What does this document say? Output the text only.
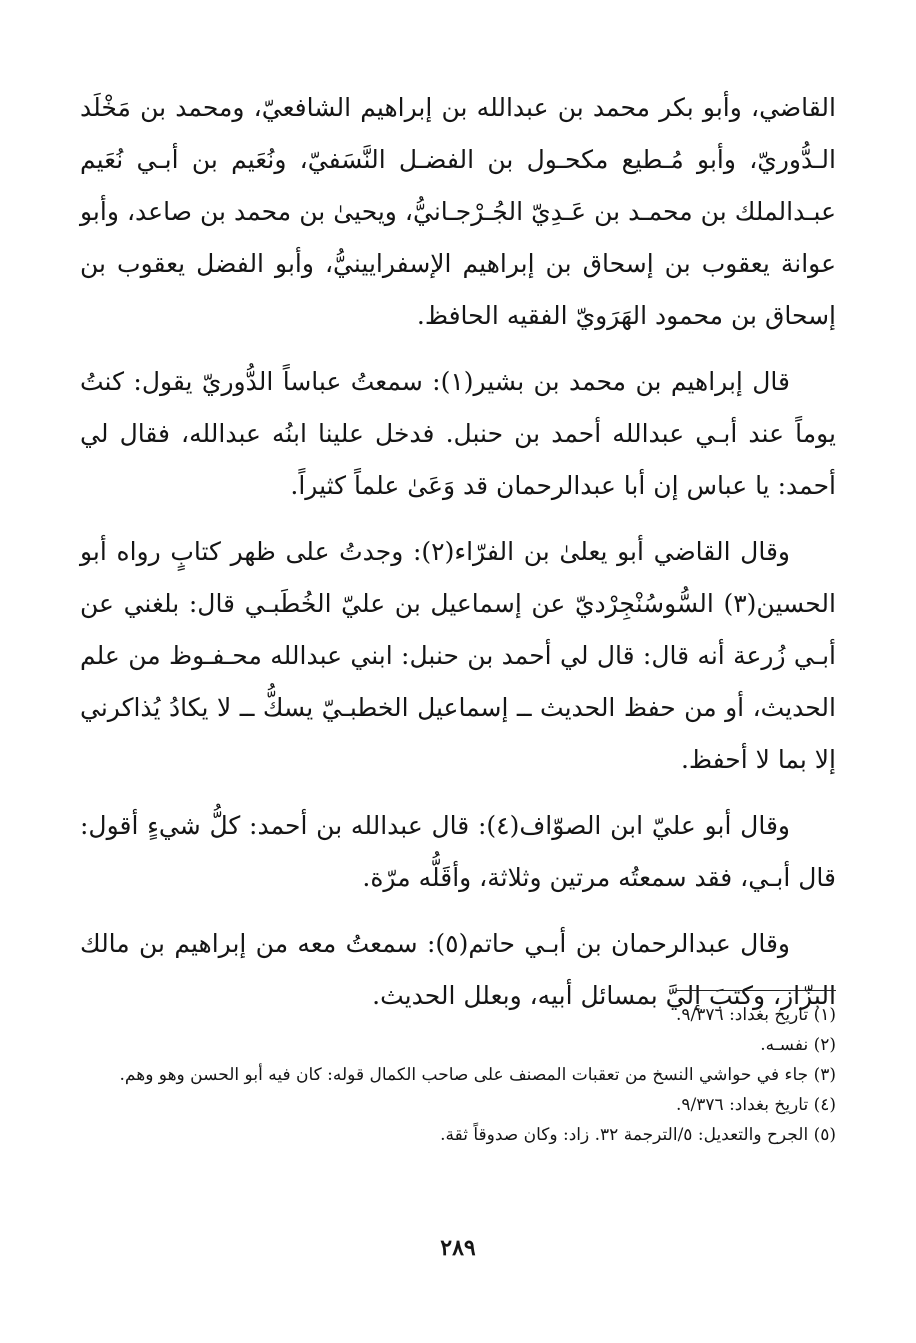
القاضي، وأبو بكر محمد بن عبدالله بن إبراهيم الشافعيّ، ومحمد بن مَخْلَد الـدُّوريّ، وأبو مُـطيع مكحـول بن الفضـل النَّسَفيّ، ونُعَيم بن أبـي نُعَيم عبـدالملك بن محمـد بن عَـدِيّ الجُـرْجـانيُّ، ويحيىٰ بن محمد بن صاعد، وأبو عوانة يعقوب بن إسحاق بن إبراهيم الإسفرايينيُّ، وأبو الفضل يعقوب بن إسحاق بن محمود الهَرَويّ الفقيه الحافظ.

قال إبراهيم بن محمد بن بشير(١): سمعتُ عباساً الدُّوريّ يقول: كنتُ يوماً عند أبـي عبدالله أحمد بن حنبل. فدخل علينا ابنُه عبدالله، فقال لي أحمد: يا عباس إن أبا عبدالرحمان قد وَعَىٰ علماً كثيراً.

وقال القاضي أبو يعلىٰ بن الفرّاء(٢): وجدتُ على ظهر كتابٍ رواه أبو الحسين(٣) السُّوسُنْجِرْديّ عن إسماعيل بن عليّ الخُطَبـي قال: بلغني عن أبـي زُرعة أنه قال: قال لي أحمد بن حنبل: ابني عبدالله محـفـوظ من علم الحديث، أو من حفظ الحديث ــ إسماعيل الخطبـيّ يسكُّ ــ لا يكادُ يُذاكرني إلا بما لا أحفظ.

وقال أبو عليّ ابن الصوّاف(٤): قال عبدالله بن أحمد: كلُّ شيءٍ أقول: قال أبـي، فقد سمعتُه مرتين وثلاثة، وأقَلُّه مرّة.

وقال عبدالرحمان بن أبـي حاتم(٥): سمعتُ معه من إبراهيم بن مالك البزّاز، وكتبَ إليَّ بمسائل أبيه، وبعلل الحديث.

(١) تاريخ بغداد: ٩/٣٧٦.

(٢) نفسـه.

(٣) جاء في حواشي النسخ من تعقبات المصنف على صاحب الكمال قوله: كان فيه أبو الحسن وهو وهم.

(٤) تاريخ بغداد: ٩/٣٧٦.

(٥) الجرح والتعديل: ٥/الترجمة ٣٢. زاد: وكان صدوقاً ثقة.

٢٨٩
